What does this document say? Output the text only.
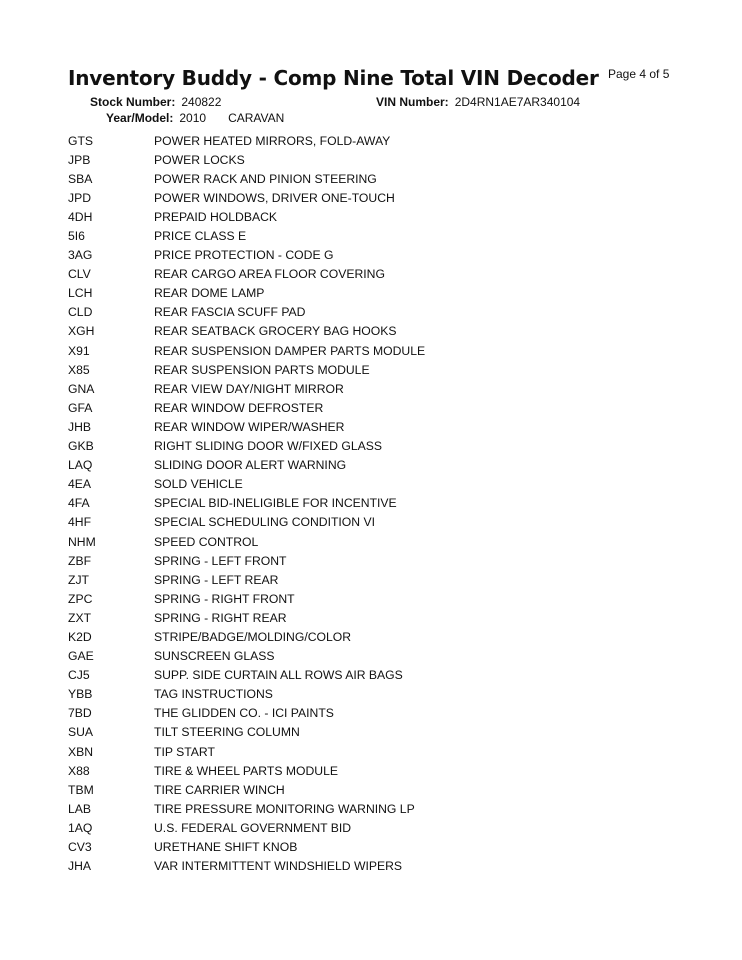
Inventory Buddy - Comp Nine Total VIN Decoder Page 4 of 5
Stock Number: 240822	VIN Number: 2D4RN1AE7AR340104
Year/Model: 2010 CARAVAN
GTS	POWER HEATED MIRRORS, FOLD-AWAY
JPB	POWER LOCKS
SBA	POWER RACK AND PINION STEERING
JPD	POWER WINDOWS, DRIVER ONE-TOUCH
4DH	PREPAID HOLDBACK
5I6	PRICE CLASS E
3AG	PRICE PROTECTION - CODE G
CLV	REAR CARGO AREA FLOOR COVERING
LCH	REAR DOME LAMP
CLD	REAR FASCIA SCUFF PAD
XGH	REAR SEATBACK GROCERY BAG HOOKS
X91	REAR SUSPENSION DAMPER PARTS MODULE
X85	REAR SUSPENSION PARTS MODULE
GNA	REAR VIEW DAY/NIGHT MIRROR
GFA	REAR WINDOW DEFROSTER
JHB	REAR WINDOW WIPER/WASHER
GKB	RIGHT SLIDING DOOR W/FIXED GLASS
LAQ	SLIDING DOOR ALERT WARNING
4EA	SOLD VEHICLE
4FA	SPECIAL BID-INELIGIBLE FOR INCENTIVE
4HF	SPECIAL SCHEDULING CONDITION VI
NHM	SPEED CONTROL
ZBF	SPRING - LEFT FRONT
ZJT	SPRING - LEFT REAR
ZPC	SPRING - RIGHT FRONT
ZXT	SPRING - RIGHT REAR
K2D	STRIPE/BADGE/MOLDING/COLOR
GAE	SUNSCREEN GLASS
CJ5	SUPP. SIDE CURTAIN ALL ROWS AIR BAGS
YBB	TAG INSTRUCTIONS
7BD	THE GLIDDEN CO. - ICI PAINTS
SUA	TILT STEERING COLUMN
XBN	TIP START
X88	TIRE & WHEEL PARTS MODULE
TBM	TIRE CARRIER WINCH
LAB	TIRE PRESSURE MONITORING WARNING LP
1AQ	U.S. FEDERAL GOVERNMENT BID
CV3	URETHANE SHIFT KNOB
JHA	VAR INTERMITTENT WINDSHIELD WIPERS
